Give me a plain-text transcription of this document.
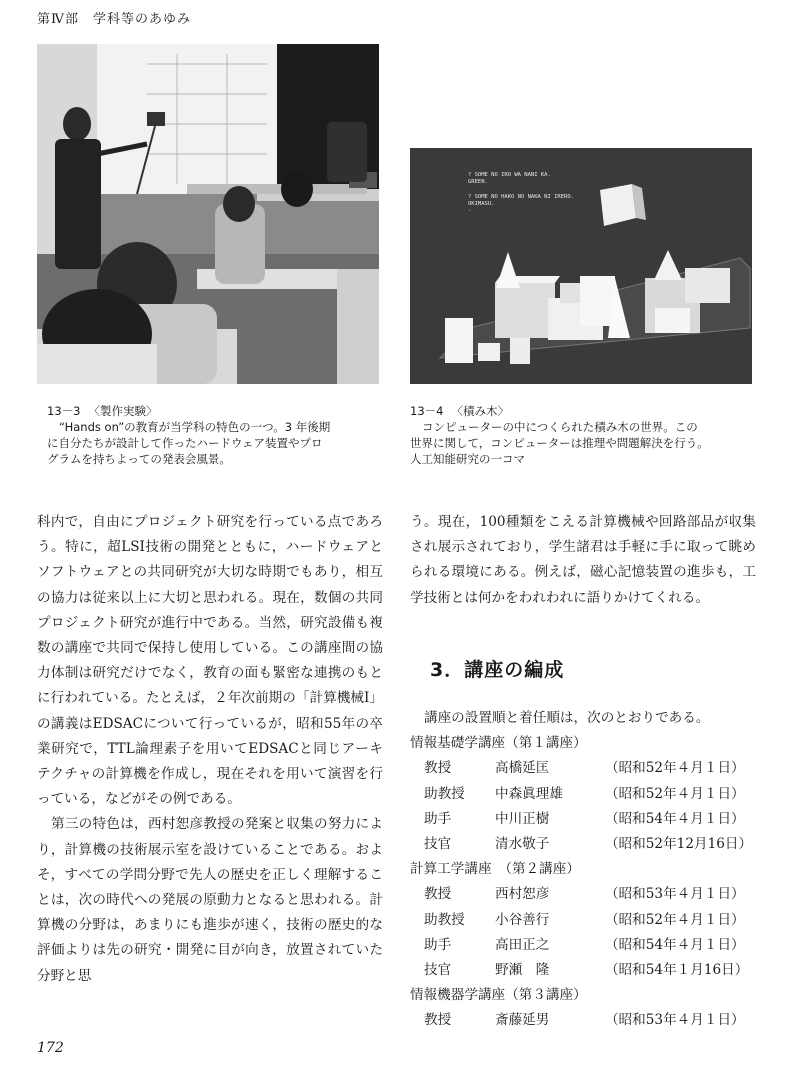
第Ⅳ部　学科等のあゆみ
? SOME NO IRO WA NANI KA.
GREEN.
? SOME NO HAKO NO NAKA NI IRERO.
OKIMASU.
-
13－3 〈製作実験〉
“Hands on”の教育が当学科の特色の一つ。3 年後期
に自分たちが設計して作ったハードウェア装置やプロ
グラムを持ちよっての発表会風景。
13－4 〈積み木〉
コンピューターの中につくられた積み木の世界。この
世界に関して，コンピューターは推理や問題解決を行う。
人工知能研究の一コマ

科内で，自由にプロジェクト研究を行っている点であろう。特に，超LSI技術の開発とともに，ハードウェアとソフトウェアとの共同研究が大切な時期でもあり，相互の協力は従来以上に大切と思われる。現在，数個の共同プロジェクト研究が進行中である。当然，研究設備も複数の講座で共同で保持し使用している。この講座間の協力体制は研究だけでなく，教育の面も緊密な連携のもとに行われている。たとえば，２年次前期の「計算機械Ⅰ」の講義はEDSACについて行っているが，昭和55年の卒業研究で，TTL論理素子を用いてEDSACと同じアーキテクチャの計算機を作成し，現在それを用いて演習を行っている，などがその例である。

第三の特色は，西村恕彦教授の発案と収集の努力により，計算機の技術展示室を設けていることである。およそ，すべての学問分野で先人の歴史を正しく理解することは，次の時代への発展の原動力となると思われる。計算機の分野は，あまりにも進歩が速く，技術の歴史的な評価よりは先の研究・開発に目が向き，放置されていた分野と思

う。現在，100種類をこえる計算機械や回路部品が収集され展示されており，学生諸君は手軽に手に取って眺められる環境にある。例えば，磁心記憶装置の進歩も，工学技術とは何かをわれわれに語りかけてくれる。

3．講座の編成
講座の設置順と着任順は，次のとおりである。
情報基礎学講座（第１講座）
教授	高橋延匡	（昭和52年４月１日）
助教授	中森眞理雄	（昭和52年４月１日）
助手	中川正樹	（昭和54年４月１日）
技官	清水敬子	（昭和52年12月16日）
計算工学講座　（第２講座）
教授	西村恕彦	（昭和53年４月１日）
助教授	小谷善行	（昭和52年４月１日）
助手	高田正之	（昭和54年４月１日）
技官	野瀬　隆	（昭和54年１月16日）
情報機器学講座（第３講座）
教授	斎藤延男	（昭和53年４月１日）
172
